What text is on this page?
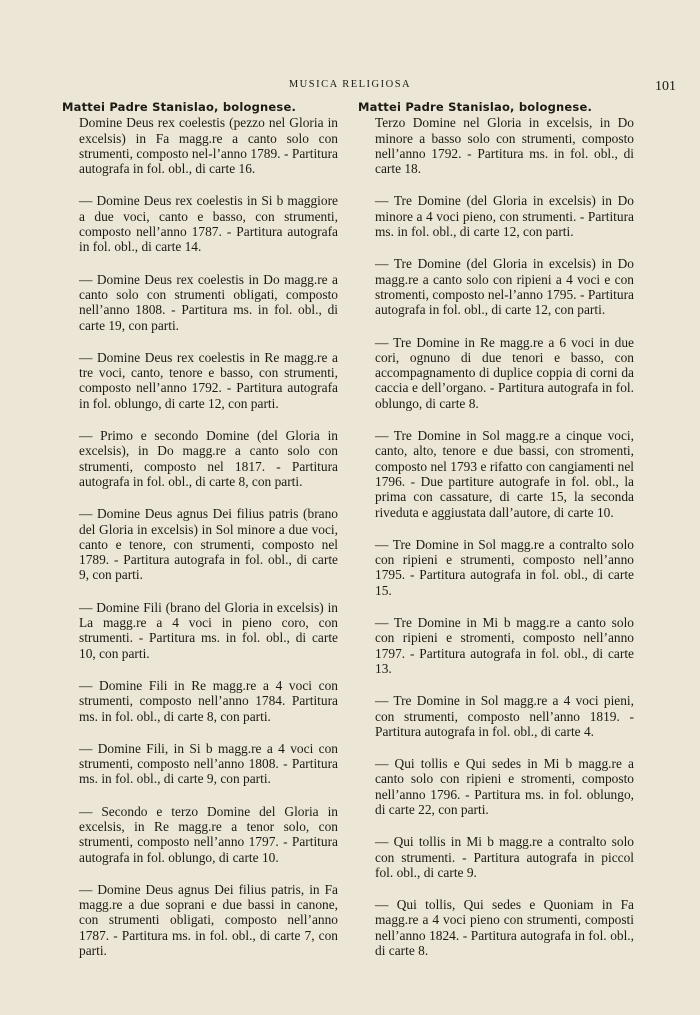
MUSICA RELIGIOSA	101
Mattei Padre Stanislao, bolognese.

Domine Deus rex coelestis (pezzo nel Gloria in excelsis) in Fa magg.re a canto solo con strumenti, composto nel-l’anno 1789. - Partitura autografa in fol. obl., di carte 16.

— Domine Deus rex coelestis in Si b maggiore a due voci, canto e basso, con strumenti, composto nell’anno 1787. - Partitura autografa in fol. obl., di carte 14.

— Domine Deus rex coelestis in Do magg.re a canto solo con strumenti obligati, composto nell’anno 1808. - Partitura ms. in fol. obl., di carte 19, con parti.

— Domine Deus rex coelestis in Re magg.re a tre voci, canto, tenore e basso, con strumenti, composto nell’anno 1792. - Partitura autografa in fol. oblungo, di carte 12, con parti.

— Primo e secondo Domine (del Gloria in excelsis), in Do magg.re a canto solo con strumenti, composto nel 1817. - Partitura autografa in fol. obl., di carte 8, con parti.

— Domine Deus agnus Dei filius patris (brano del Gloria in excelsis) in Sol minore a due voci, canto e tenore, con strumenti, composto nel 1789. - Partitura autografa in fol. obl., di carte 9, con parti.

— Domine Fili (brano del Gloria in excelsis) in La magg.re a 4 voci in pieno coro, con strumenti. - Partitura ms. in fol. obl., di carte 10, con parti.

— Domine Fili in Re magg.re a 4 voci con strumenti, composto nell’anno 1784. Partitura ms. in fol. obl., di carte 8, con parti.

— Domine Fili, in Si b magg.re a 4 voci con strumenti, composto nell’anno 1808. - Partitura ms. in fol. obl., di carte 9, con parti.

— Secondo e terzo Domine del Gloria in excelsis, in Re magg.re a tenor solo, con strumenti, composto nell’anno 1797. - Partitura autografa in fol. oblungo, di carte 10.

— Domine Deus agnus Dei filius patris, in Fa magg.re a due soprani e due bassi in canone, con strumenti obligati, composto nell’anno 1787. - Partitura ms. in fol. obl., di carte 7, con parti.

Mattei Padre Stanislao, bolognese.

Terzo Domine nel Gloria in excelsis, in Do minore a basso solo con strumenti, composto nell’anno 1792. - Partitura ms. in fol. obl., di carte 18.

— Tre Domine (del Gloria in excelsis) in Do minore a 4 voci pieno, con strumenti. - Partitura ms. in fol. obl., di carte 12, con parti.

— Tre Domine (del Gloria in excelsis) in Do magg.re a canto solo con ripieni a 4 voci e con stromenti, composto nel-l’anno 1795. - Partitura autografa in fol. obl., di carte 12, con parti.

— Tre Domine in Re magg.re a 6 voci in due cori, ognuno di due tenori e basso, con accompagnamento di duplice coppia di corni da caccia e dell’organo. - Partitura autografa in fol. oblungo, di carte 8.

— Tre Domine in Sol magg.re a cinque voci, canto, alto, tenore e due bassi, con stromenti, composto nel 1793 e rifatto con cangiamenti nel 1796. - Due partiture autografe in fol. obl., la prima con cassature, di carte 15, la seconda riveduta e aggiustata dall’autore, di carte 10.

— Tre Domine in Sol magg.re a contralto solo con ripieni e strumenti, composto nell’anno 1795. - Partitura autografa in fol. obl., di carte 15.

— Tre Domine in Mi b magg.re a canto solo con ripieni e stromenti, composto nell’anno 1797. - Partitura autografa in fol. obl., di carte 13.

— Tre Domine in Sol magg.re a 4 voci pieni, con strumenti, composto nell’anno 1819. - Partitura autografa in fol. obl., di carte 4.

— Qui tollis e Qui sedes in Mi b magg.re a canto solo con ripieni e stromenti, composto nell’anno 1796. - Partitura ms. in fol. oblungo, di carte 22, con parti.

— Qui tollis in Mi b magg.re a contralto solo con strumenti. - Partitura autografa in piccol fol. obl., di carte 9.

— Qui tollis, Qui sedes e Quoniam in Fa magg.re a 4 voci pieno con strumenti, composti nell’anno 1824. - Partitura autografa in fol. obl., di carte 8.
